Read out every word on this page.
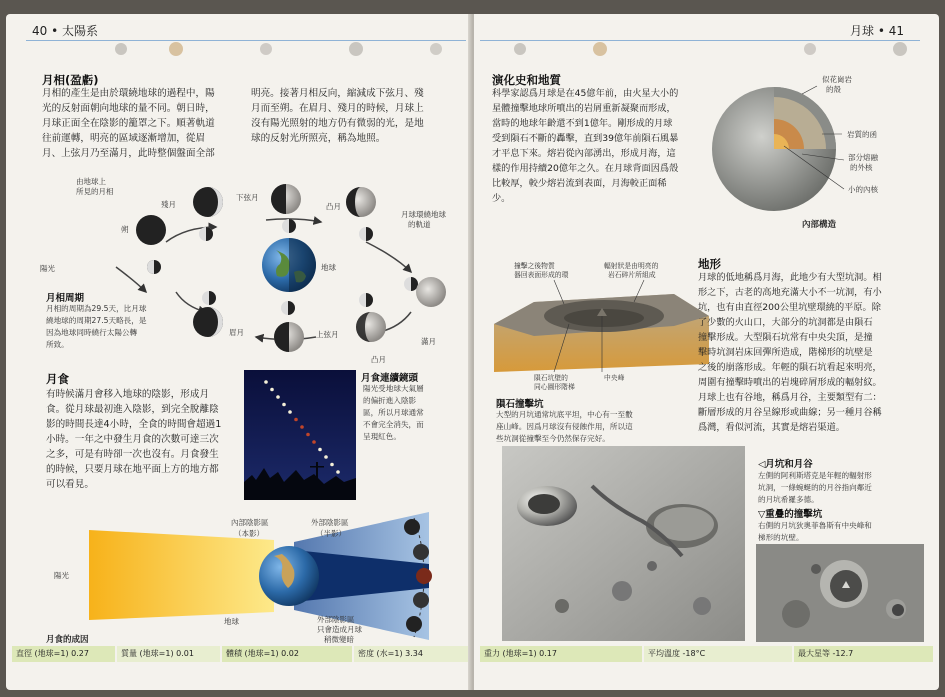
40 • 太陽系
月相(盈虧)
月相的產生是由於環繞地球的過程中，陽
光的反射面朝向地球的量不同。朝日時，
月球正面全在陰影的籠罩之下。順著軌道
往前運轉，明亮的區域逐漸增加，從眉
月、上弦月乃至滿月，此時整個盤面全部
明亮。接著月相反向，縮減成下弦月、殘
月而至朔。在眉月、殘月的時候，月球上
沒有陽光照射的地方仍有微弱的光，是地
球的反射光所照亮，稱為地照。
由地球上
所見的月相
朔
殘月
下弦月
凸月
月球環繞地球
的軌道
陽光	地球
眉月	上弦月
滿月
凸月
月相周期
月相的周期為29.5天，比月球
繞地球的周期27.5天略長，是
因為地球同時繞行太陽公轉
所致。
月食
有時候滿月會移入地球的陰影，形成月
食。從月球最初進入陰影，到完全脫離陰
影的時間長達4小時，全食的時間會超過1
小時。一年之中發生月食的次數可達三次
之多，可是有時卻一次也沒有。月食發生
的時候，只要月球在地平面上方的地方都
可以看見。
月食連續鏡頭
陽光受地球大氣層
的偏折進入陰影
區，所以月球通常
不會完全消失，而
呈現紅色。
陽光
地球
內部陰影區
（本影）
外部陰影區
（半影）
外部陰影區
只會造成月球
稍微變暗
月食的成因
直徑 (地球=1) 0.27	質量 (地球=1) 0.01	體積 (地球=1) 0.02	密度 (水=1) 3.34
月球 • 41
演化史和地質
科學家認爲月球是在45億年前，由火星大小的
星體撞擊地球所噴出的岩屑重新凝聚而形成，
當時的地球年齡還不到1億年。剛形成的月球
受到隕石不斷的轟擊，直到39億年前隕石風暴
才平息下來。熔岩從內部湧出，形成月海，這
樣的作用持續20億年之久。在月球背面因爲殼
比較厚，較少熔岩流到表面，月海較正面稀
少。
似花崗岩
的殼
岩質的函
部分熔融
的外核
小的內核
內部構造
撞擊之後物質
器回表面形成的環
輻射狀是由明亮的
岩石碎片所組成
隕石坑壁的
同心圓形階梯
中央峰
隕石撞擊坑
大型的月坑通常坑底平坦，中心有一至數
座山峰。因爲月球沒有侵蝕作用，所以這
些坑洞從撞擊至今仍然保存完好。
地形
月球的低地稱爲月海，此地少有大型坑洞。相
形之下，古老的高地充滿大小不一坑洞，有小
坑，也有由直徑200公里坑壁環繞的平原。除
了少數的火山口，大部分的坑洞都是由隕石
撞擊形成。大型隕石坑常有中央尖頂，是撞
擊時坑洞岩床回彈所造成，階梯形的坑壁是
之後的崩落形成。年輕的隕石坑看起來明亮，
周圍有撞擊時噴出的岩塊碎屑形成的輻射紋。
月球上也有谷地，稱爲月谷，主要類型有二：
斷層形成的月谷呈線形或曲線；另一種月谷稱
爲灣，看似河流，其實是熔岩渠道。
◁月坑和月谷
左側的阿利斯塔克是年輕的輻射形
坑洞，一條蜿蜒的的月谷指向鄰近
的月坑希羅多德。
▽重疊的撞擊坑
右側的月坑狄奧菲魯斯有中央峰和
梯形的坑壁。
重力 (地球=1) 0.17	平均溫度 -18°C	最大星等 -12.7
